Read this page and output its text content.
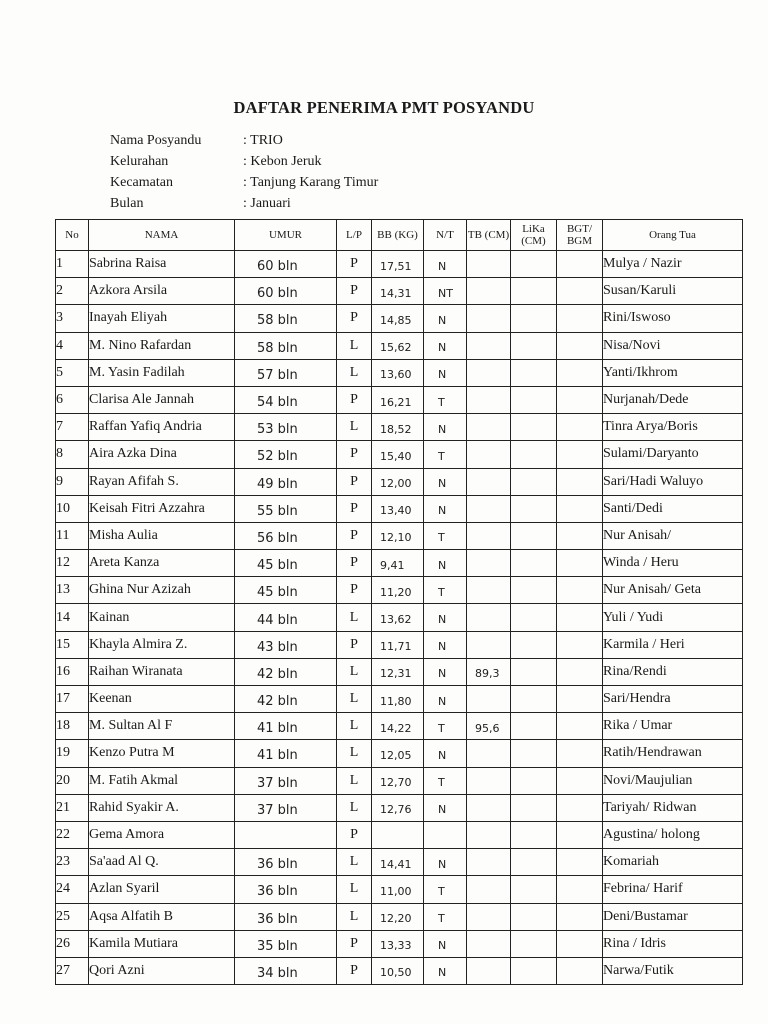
DAFTAR PENERIMA PMT POSYANDU
Nama Posyandu	: TRIO
Kelurahan	: Kebon Jeruk
Kecamatan	: Tanjung Karang Timur
Bulan	: Januari
No	NAMA	UMUR	L/P	BB (KG)	N/T	TB (CM)	LiKa (CM)	BGT/ BGM	Orang Tua
1	Sabrina Raisa	60 bln	P	17,51	N				Mulya / Nazir
2	Azkora Arsila	60 bln	P	14,31	NT				Susan/Karuli
3	Inayah Eliyah	58 bln	P	14,85	N				Rini/Iswoso
4	M. Nino Rafardan	58 bln	L	15,62	N				Nisa/Novi
5	M. Yasin Fadilah	57 bln	L	13,60	N				Yanti/Ikhrom
6	Clarisa Ale Jannah	54 bln	P	16,21	T				Nurjanah/Dede
7	Raffan Yafiq Andria	53 bln	L	18,52	N				Tinra Arya/Boris
8	Aira Azka Dina	52 bln	P	15,40	T				Sulami/Daryanto
9	Rayan Afifah S.	49 bln	P	12,00	N				Sari/Hadi Waluyo
10	Keisah Fitri Azzahra	55 bln	P	13,40	N				Santi/Dedi
11	Misha Aulia	56 bln	P	12,10	T				Nur Anisah/
12	Areta Kanza	45 bln	P	9,41	N				Winda / Heru
13	Ghina Nur Azizah	45 bln	P	11,20	T				Nur Anisah/ Geta
14	Kainan	44 bln	L	13,62	N				Yuli / Yudi
15	Khayla Almira Z.	43 bln	P	11,71	N				Karmila / Heri
16	Raihan Wiranata	42 bln	L	12,31	N	89,3			Rina/Rendi
17	Keenan	42 bln	L	11,80	N				Sari/Hendra
18	M. Sultan Al F	41 bln	L	14,22	T	95,6			Rika / Umar
19	Kenzo Putra M	41 bln	L	12,05	N				Ratih/Hendrawan
20	M. Fatih Akmal	37 bln	L	12,70	T				Novi/Maujulian
21	Rahid Syakir A.	37 bln	L	12,76	N				Tariyah/ Ridwan
22	Gema Amora		P						Agustina/ holong
23	Sa'aad Al Q.	36 bln	L	14,41	N				Komariah
24	Azlan Syaril	36 bln	L	11,00	T				Febrina/ Harif
25	Aqsa Alfatih B	36 bln	L	12,20	T				Deni/Bustamar
26	Kamila Mutiara	35 bln	P	13,33	N				Rina / Idris
27	Qori Azni	34 bln	P	10,50	N				Narwa/Futik
